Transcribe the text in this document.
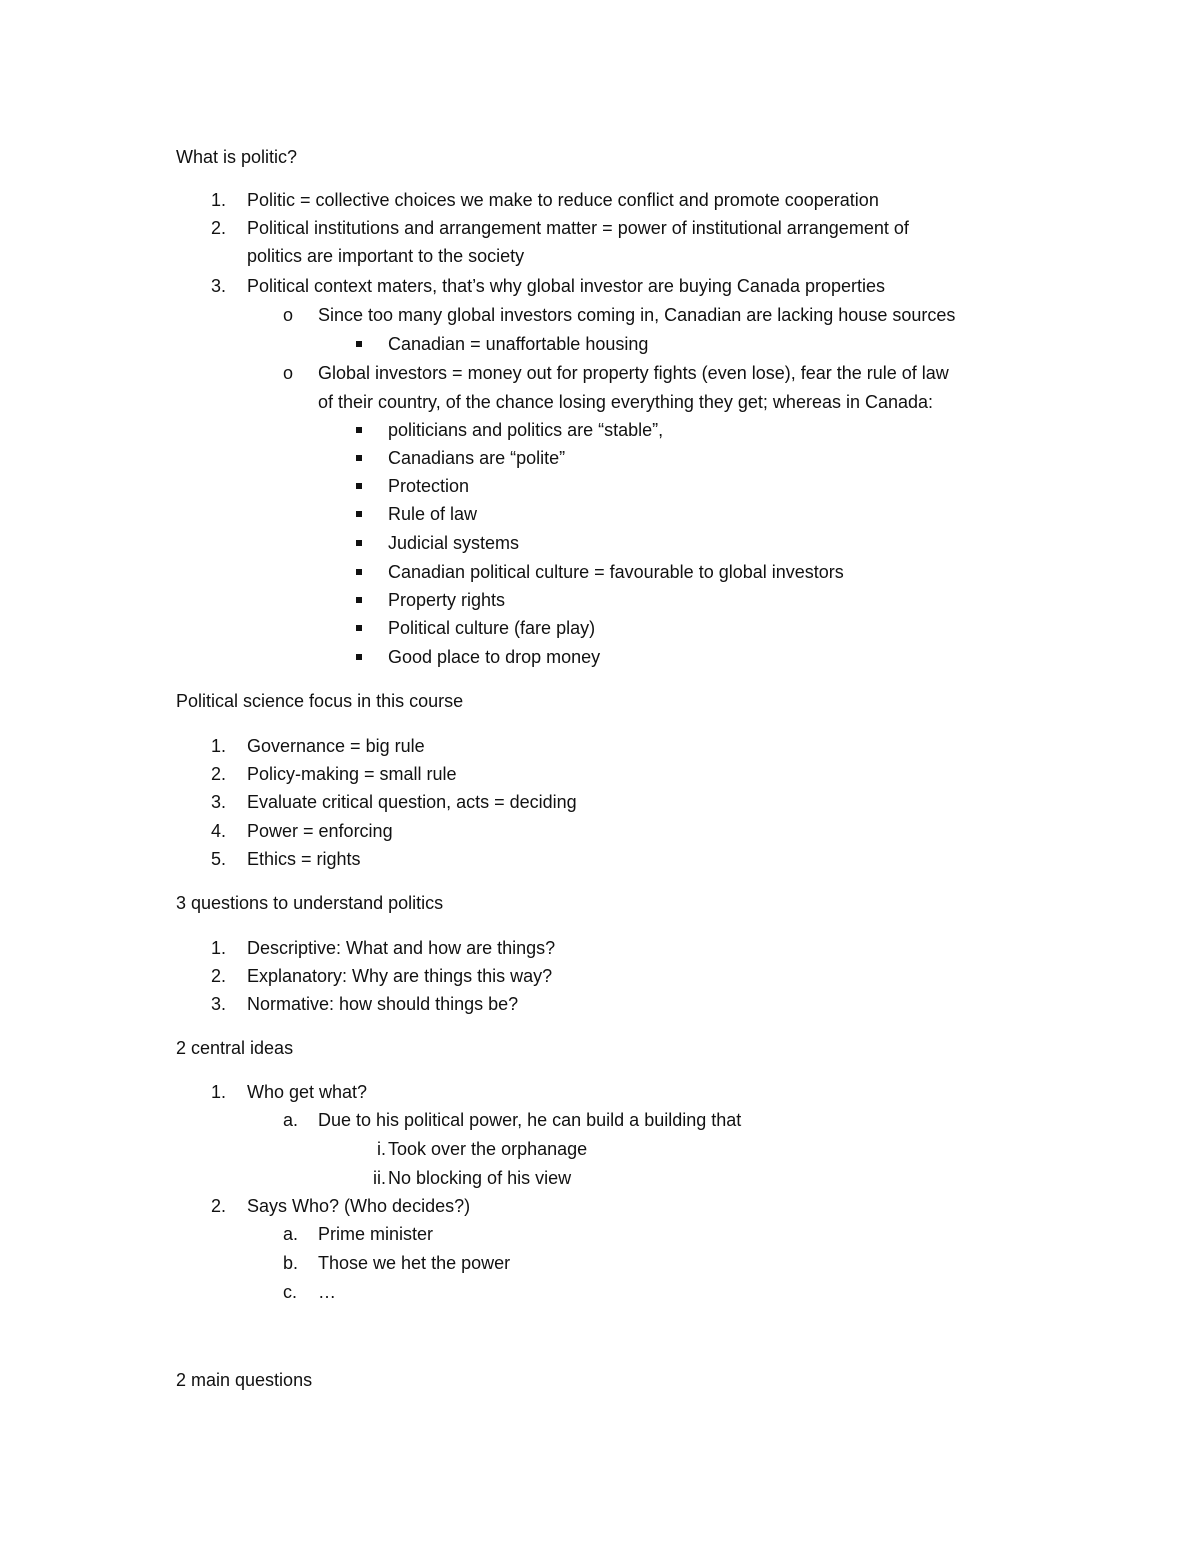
What is politic?
1. Politic = collective choices we make to reduce conflict and promote cooperation
2. Political institutions and arrangement matter = power of institutional arrangement of
politics are important to the society
3. Political context maters, that’s why global investor are buying Canada properties
o Since too many global investors coming in, Canadian are lacking house sources
Canadian = unaffortable housing
o Global investors = money out for property fights (even lose), fear the rule of law
of their country, of the chance losing everything they get; whereas in Canada:
politicians and politics are “stable”,
Canadians are “polite”
Protection
Rule of law
Judicial systems
Canadian political culture = favourable to global investors
Property rights
Political culture (fare play)
Good place to drop money
Political science focus in this course
1. Governance = big rule
2. Policy-making = small rule
3. Evaluate critical question, acts = deciding
4. Power = enforcing
5. Ethics = rights
3 questions to understand politics
1. Descriptive: What and how are things?
2. Explanatory: Why are things this way?
3. Normative: how should things be?
2 central ideas
1. Who get what?
a. Due to his political power, he can build a building that
i. Took over the orphanage
ii. No blocking of his view
2. Says Who? (Who decides?)
a. Prime minister
b. Those we het the power
c. …
2 main questions
